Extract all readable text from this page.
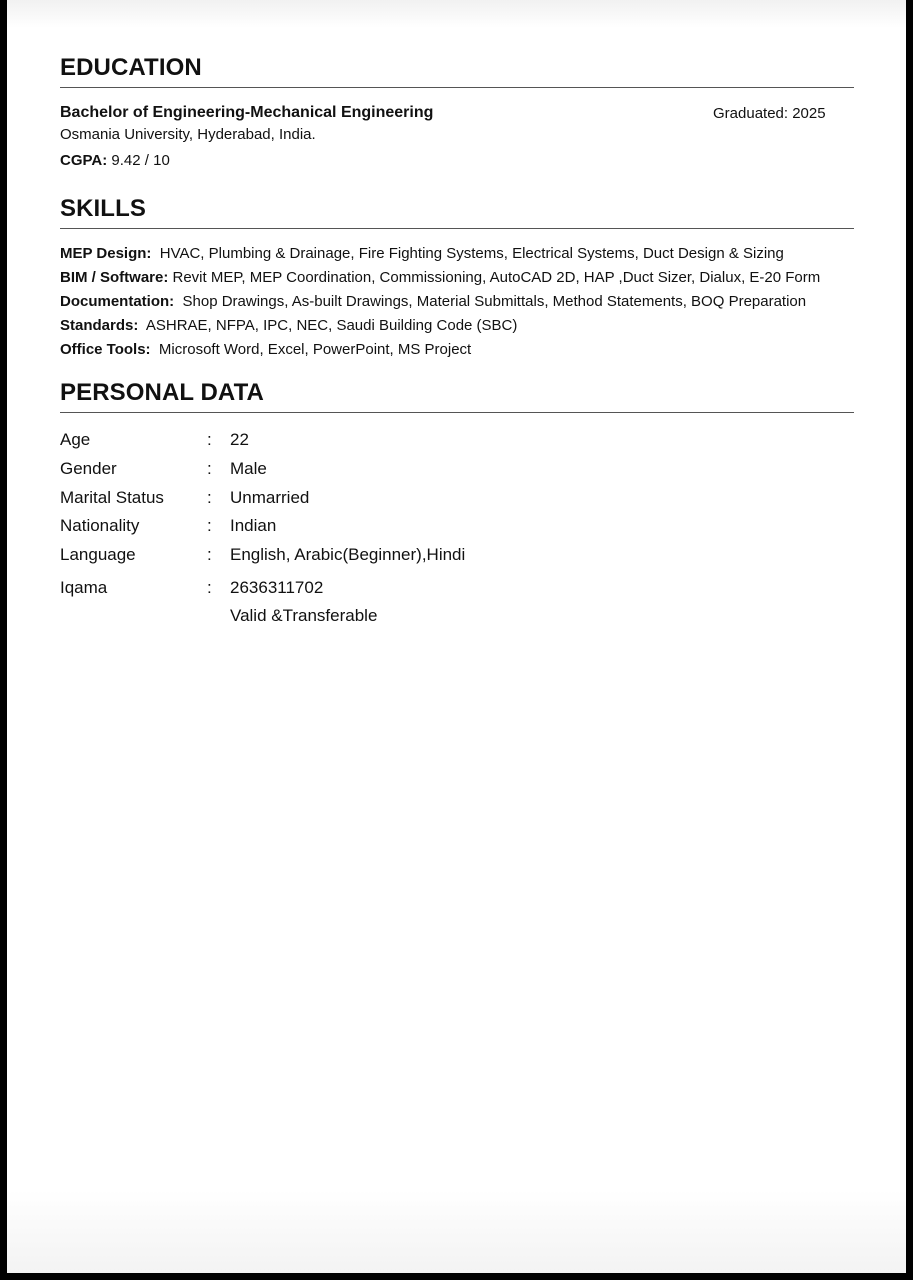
EDUCATION
Bachelor of Engineering-Mechanical Engineering	Graduated: 2025
Osmania University, Hyderabad, India.
CGPA: 9.42 / 10
SKILLS
MEP Design:  HVAC, Plumbing & Drainage, Fire Fighting Systems, Electrical Systems, Duct Design & Sizing
BIM / Software: Revit MEP, MEP Coordination, Commissioning, AutoCAD 2D, HAP ,Duct Sizer, Dialux, E-20 Form
Documentation:  Shop Drawings, As-built Drawings, Material Submittals, Method Statements, BOQ Preparation
Standards:  ASHRAE, NFPA, IPC, NEC, Saudi Building Code (SBC)
Office Tools:  Microsoft Word, Excel, PowerPoint, MS Project
PERSONAL DATA
Age	: 22
Gender	: Male
Marital Status	: Unmarried
Nationality	: Indian
Language	: English, Arabic(Beginner),Hindi
Iqama	: 2636311702
Valid &Transferable
